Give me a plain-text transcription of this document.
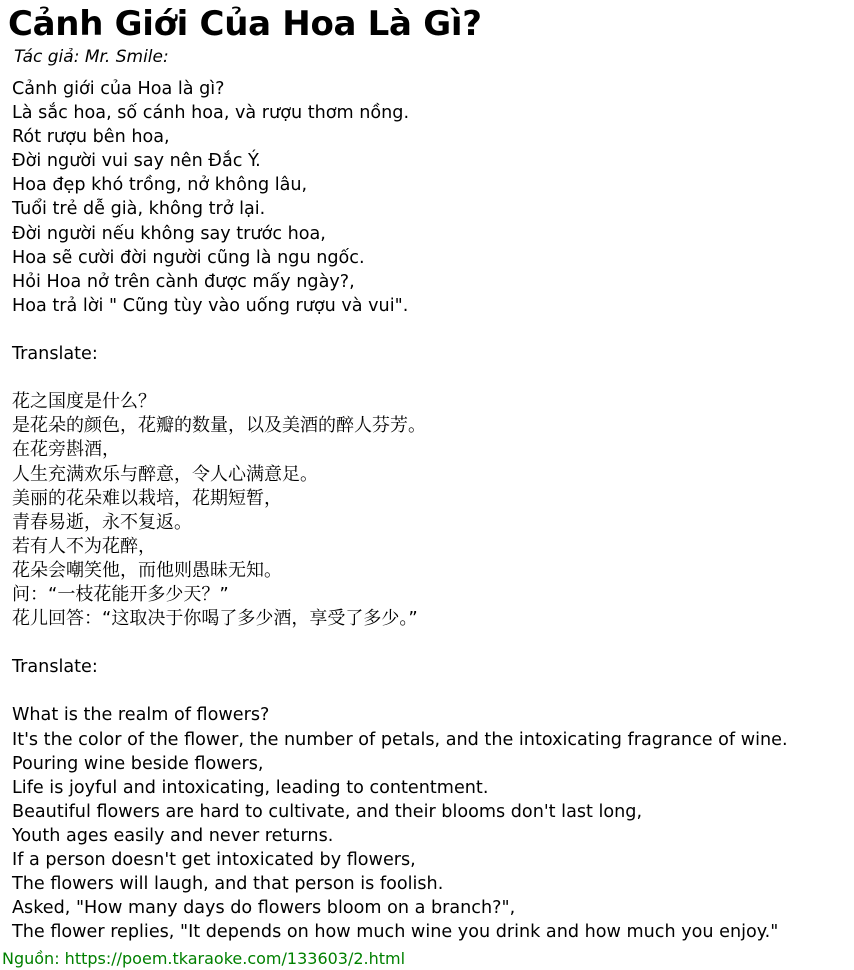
Cảnh Giới Của Hoa Là Gì?
Tác giả: Mr. Smile:
Cảnh giới của Hoa là gì?
Là sắc hoa, số cánh hoa, và rượu thơm nồng.
Rót rượu bên hoa,
Đời người vui say nên Đắc Ý.
Hoa đẹp khó trồng, nở không lâu,
Tuổi trẻ dễ già, không trở lại.
Đời người nếu không say trước hoa,
Hoa sẽ cười đời người cũng là ngu ngốc.
Hỏi Hoa nở trên cành được mấy ngày?,
Hoa trả lời " Cũng tùy vào uống rượu và vui".
Translate:
花之国度是什么？
是花朵的颜色，花瓣的数量，以及美酒的醉人芬芳。
在花旁斟酒，
人生充满欢乐与醉意，令人心满意足。
美丽的花朵难以栽培，花期短暂，
青春易逝，永不复返。
若有人不为花醉，
花朵会嘲笑他，而他则愚昧无知。
问：“一枝花能开多少天？”
花儿回答：“这取决于你喝了多少酒，享受了多少。”
Translate:
What is the realm of flowers?
It's the color of the flower, the number of petals, and the intoxicating fragrance of wine.
Pouring wine beside flowers,
Life is joyful and intoxicating, leading to contentment.
Beautiful flowers are hard to cultivate, and their blooms don't last long,
Youth ages easily and never returns.
If a person doesn't get intoxicated by flowers,
The flowers will laugh, and that person is foolish.
Asked, "How many days do flowers bloom on a branch?",
The flower replies, "It depends on how much wine you drink and how much you enjoy."
Nguồn: https://poem.tkaraoke.com/133603/2.html
